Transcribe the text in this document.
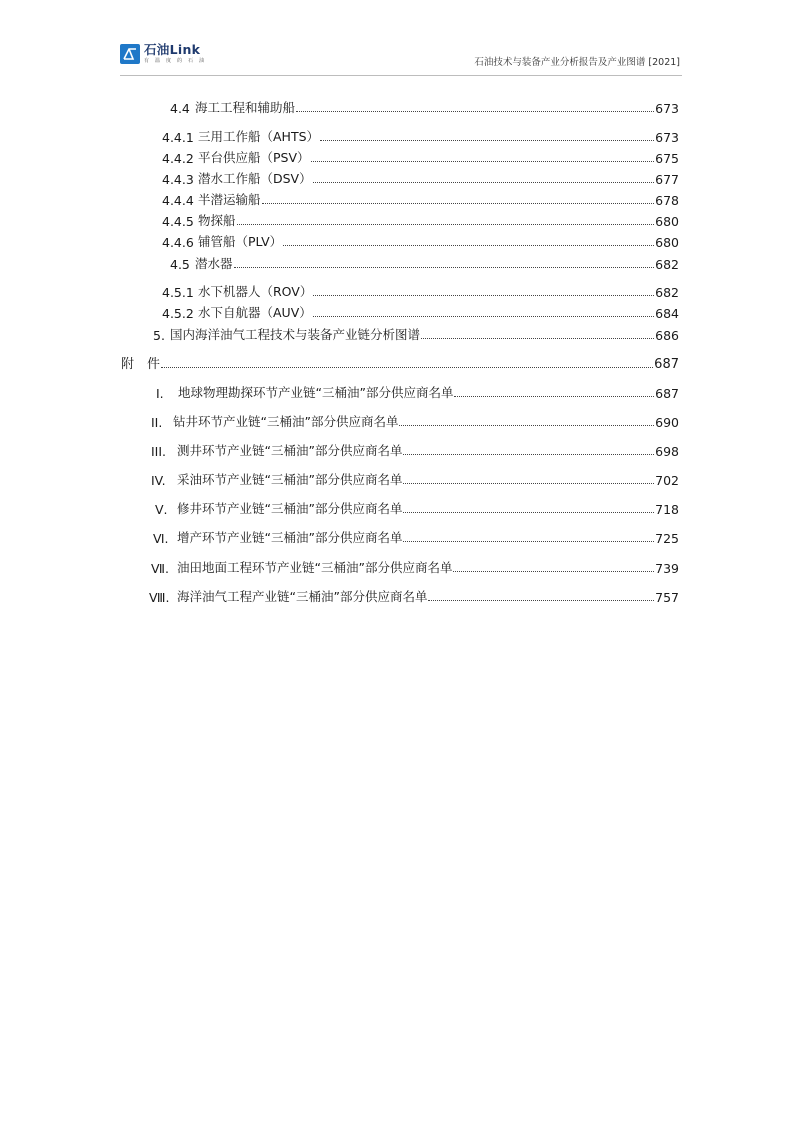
石油Link
有 温 度 的 石 油	石油技术与装备产业分析报告及产业图谱 [2021]
4.4 海工工程和辅助船	673
4.4.1 三用工作船（AHTS）	673
4.4.2 平台供应船（PSV）	675
4.4.3 潜水工作船（DSV）	677
4.4.4 半潜运输船	678
4.4.5 物探船	680
4.4.6 铺管船（PLV）	680
4.5 潜水器	682
4.5.1 水下机器人（ROV）	682
4.5.2 水下自航器（AUV）	684
5. 国内海洋油气工程技术与装备产业链分析图谱	686
附 件	687
Ⅰ.	地球物理勘探环节产业链“三桶油”部分供应商名单	687
II. 钻井环节产业链“三桶油”部分供应商名单	690
III. 测井环节产业链“三桶油”部分供应商名单	698
IV. 采油环节产业链“三桶油”部分供应商名单	702
Ⅴ. 修井环节产业链“三桶油”部分供应商名单	718
Ⅵ. 增产环节产业链“三桶油”部分供应商名单	725
Ⅶ. 油田地面工程环节产业链“三桶油”部分供应商名单	739
Ⅷ. 海洋油气工程产业链“三桶油”部分供应商名单	757
